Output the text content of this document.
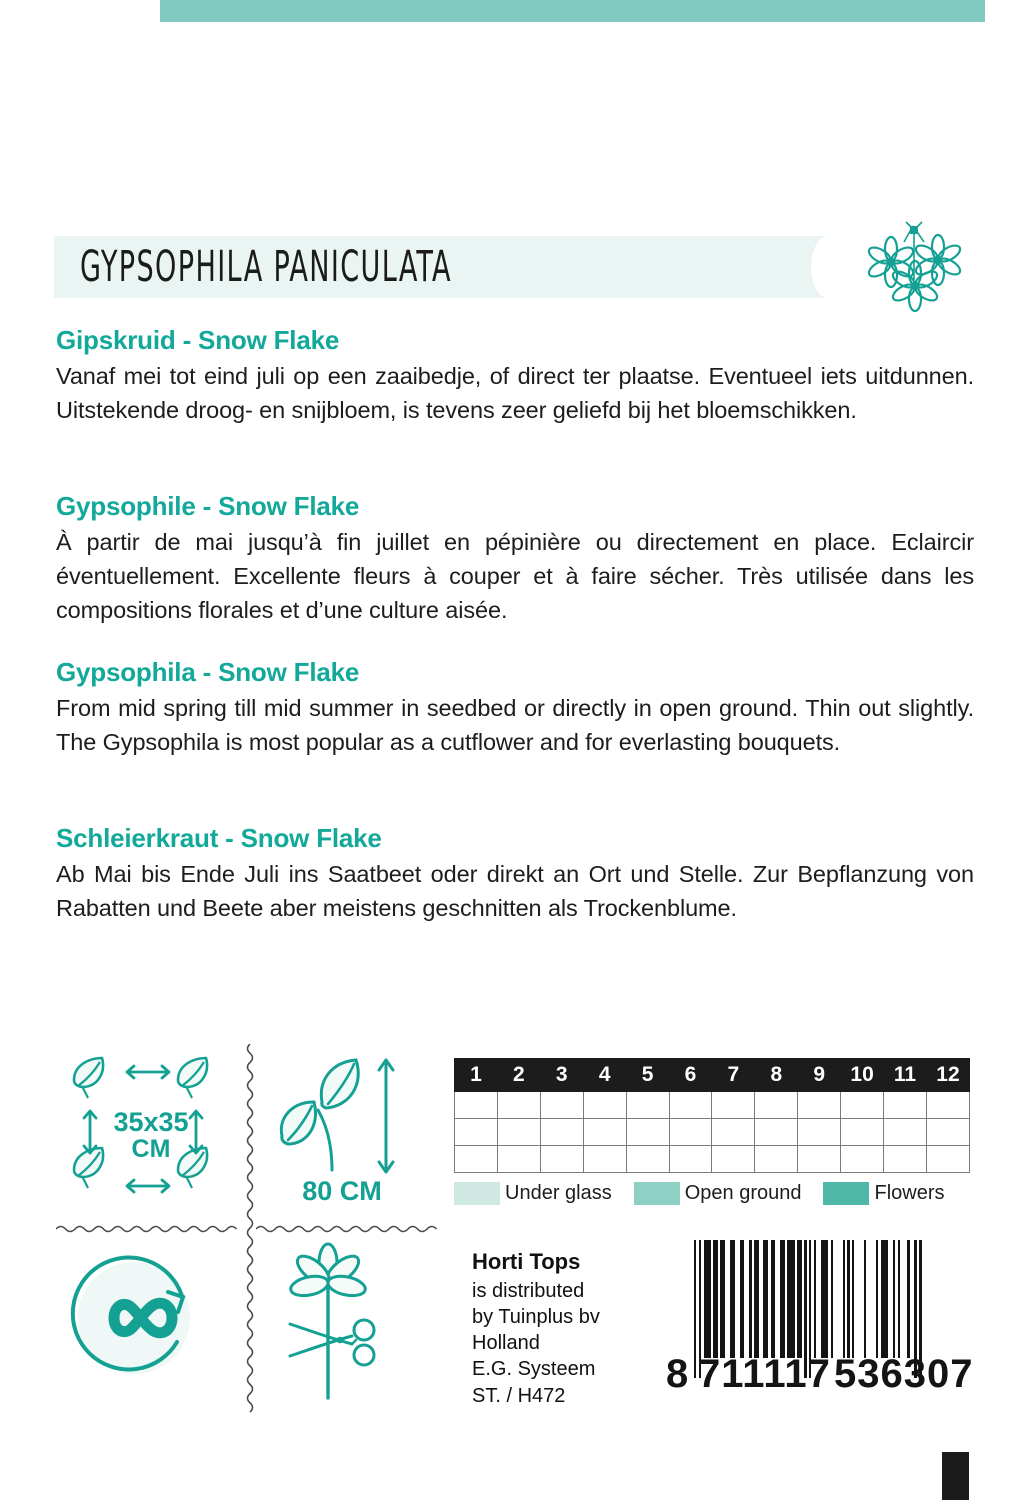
GYPSOPHILA PANICULATA
Gipskruid - Snow Flake

Vanaf mei tot eind juli op een zaaibedje, of direct ter plaatse. Eventueel iets uitdunnen. Uitstekende droog- en snijbloem, is tevens zeer geliefd bij het bloemschikken.

Gypsophile - Snow Flake

À partir de mai jusqu’à fin juillet en pépinière ou directement en place. Eclaircir éventuellement. Excellente fleurs à couper et à faire sécher. Très utilisée dans les compositions florales et d’une culture aisée.

Gypsophila - Snow Flake

From mid spring till mid summer in seedbed or directly in open ground. Thin out slightly. The Gypsophila is most popular as a cutflower and for everlasting bouquets.

Schleierkraut - Snow Flake

Ab Mai bis Ende Juli ins Saatbeet oder direkt an Ort und Stelle. Zur Bepflanzung von Rabatten und Beete aber meistens geschnitten als Trockenblume.

35x35
CM
80 CM
1	2	3	4	5	6	7	8	9	10	11	12

Under glass	Open ground	Flowers
Horti Tops
is distributed
by Tuinplus bv
Holland
E.G. Systeem
ST. / H472	8 711117 536307
